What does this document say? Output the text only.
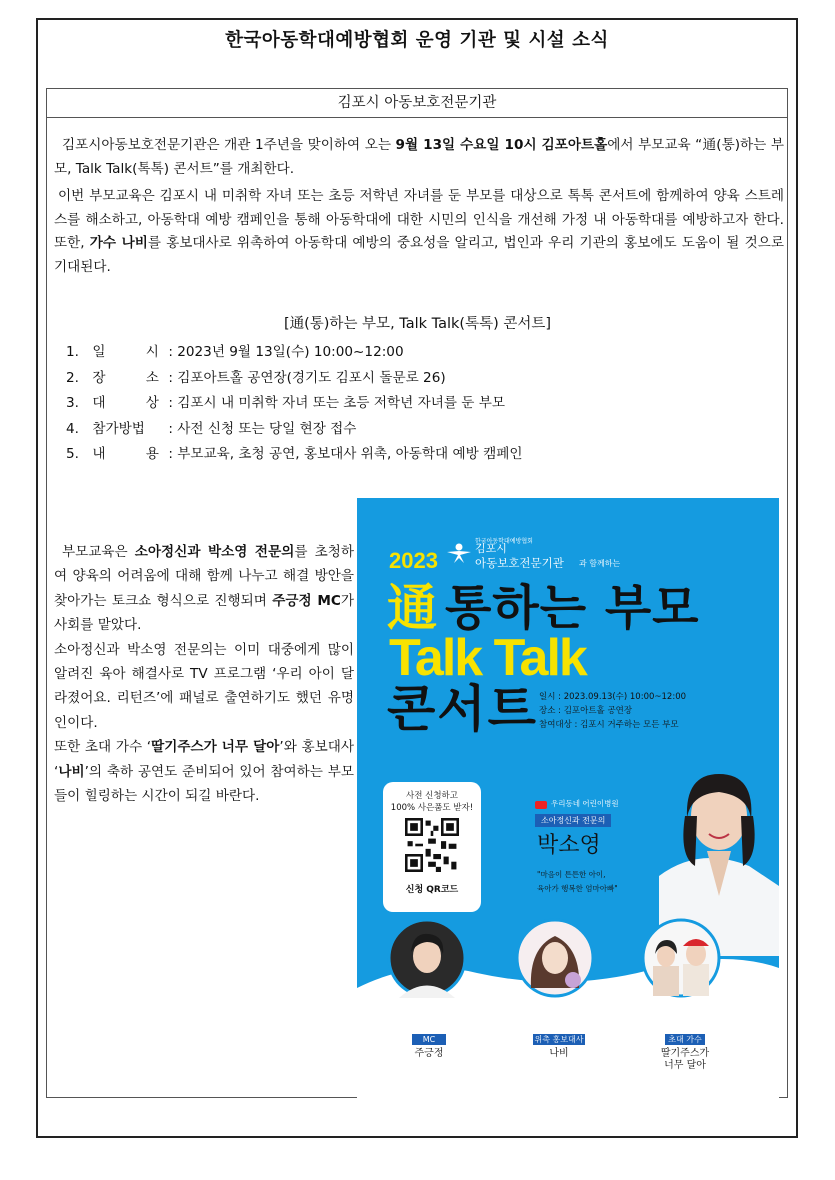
한국아동학대예방협회 운영 기관 및 시설 소식
김포시 아동보호전문기관

김포시아동보호전문기관은 개관 1주년을 맞이하여 오는 9월 13일 수요일 10시 김포아트홀에서 부모교육 “通(통)하는 부모, Talk Talk(톡톡) 콘서트”를 개최한다.

이번 부모교육은 김포시 내 미취학 자녀 또는 초등 저학년 자녀를 둔 부모를 대상으로 톡톡 콘서트에 함께하여 양육 스트레스를 해소하고, 아동학대 예방 캠페인을 통해 아동학대에 대한 시민의 인식을 개선해 가정 내 아동학대를 예방하고자 한다. 또한, 가수 나비를 홍보대사로 위촉하여 아동학대 예방의 중요성을 알리고, 법인과 우리 기관의 홍보에도 도움이 될 것으로 기대된다.

[通(통)하는 부모, Talk Talk(톡톡) 콘서트]
1. 일 시: 2023년 9월 13일(수) 10:00~12:00
2. 장 소: 김포아트홀 공연장(경기도 김포시 돌문로 26)
3. 대 상: 김포시 내 미취학 자녀 또는 초등 저학년 자녀를 둔 부모
4. 참가방법 : 사전 신청 또는 당일 현장 접수
5. 내 용: 부모교육, 초청 공연, 홍보대사 위촉, 아동학대 예방 캠페인

부모교육은 소아정신과 박소영 전문의를 초청하여 양육의 어려움에 대해 함께 나누고 해결 방안을 찾아가는 토크쇼 형식으로 진행되며 주긍정 MC가 사회를 맡았다.

소아정신과 박소영 전문의는 이미 대중에게 많이 알려진 육아 해결사로 TV 프로그램 ‘우리 아이 달라졌어요. 리턴즈’에 패널로 출연하기도 했던 유명인이다.

또한 초대 가수 ‘딸기주스가 너무 달아’와 홍보대사 ‘나비’의 축하 공연도 준비되어 있어 참여하는 부모들이 힐링하는 시간이 되길 바란다.

2023
한국아동학대예방협회
김포시
아동보호전문기관 과 함께하는
通 통하는 부모
Talk Talk
콘서트 일시 : 2023.09.13(수) 10:00~12:00
장소 : 김포아트홀 공연장
참여대상 : 김포시 거주하는 모든 부모
사전 신청하고
100% 사은품도 받자!
신청 QR코드
우리동네 어린이병원
소아정신과 전문의
박소영
"마음이 튼튼한 아이,
육아가 행복한 엄마아빠"
MC
주긍정
위촉 홍보대사
나비
초대 가수
딸기주스가
너무 달아
